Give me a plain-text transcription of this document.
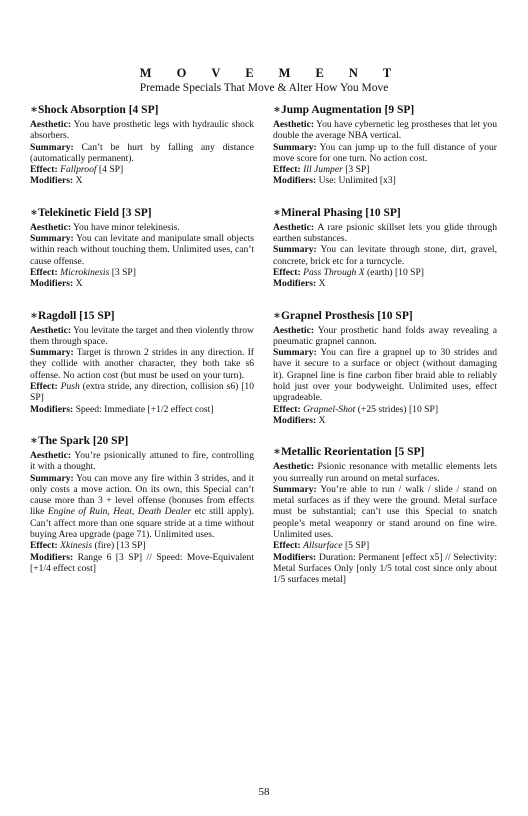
MOVEMENT
Premade Specials That Move & Alter How You Move
∗Shock Absorption [4 SP]

Aesthetic: You have prosthetic legs with hydraulic shock absorbers.

Summary: Can’t be hurt by falling any distance (automatically permanent).

Effect: Fallproof [4 SP]

Modifiers: X

∗Telekinetic Field [3 SP]

Aesthetic: You have minor telekinesis.

Summary: You can levitate and manipulate small objects within reach without touching them. Unlimited uses, can’t cause offense.

Effect: Microkinesis [3 SP]

Modifiers: X

∗Ragdoll [15 SP]

Aesthetic: You levitate the target and then violently throw them through space.

Summary: Target is thrown 2 strides in any direction. If they collide with another character, they both take s6 offense. No action cost (but must be used on your turn).

Effect: Push (extra stride, any direction, collision s6) [10 SP]

Modifiers: Speed: Immediate [+1/2 effect cost]

∗The Spark [20 SP]

Aesthetic: You’re psionically attuned to fire, controlling it with a thought.

Summary: You can move any fire within 3 strides, and it only costs a move action. On its own, this Special can’t cause more than 3 + level offense (bonuses from effects like Engine of Ruin, Heat, Death Dealer etc still apply). Can’t affect more than one square stride at a time without buying Area upgrade (page 71). Unlimited uses.

Effect: Xkinesis (fire) [13 SP]

Modifiers: Range 6 [3 SP] // Speed: Move-Equivalent [+1/4 effect cost]

∗Jump Augmentation [9 SP]

Aesthetic: You have cybernetic leg prostheses that let you double the average NBA vertical.

Summary: You can jump up to the full distance of your move score for one turn. No action cost.

Effect: Ill Jumper [3 SP]

Modifiers: Use: Unlimited [x3]

∗Mineral Phasing [10 SP]

Aesthetic: A rare psionic skillset lets you glide through earthen substances.

Summary: You can levitate through stone, dirt, gravel, concrete, brick etc for a turncycle.

Effect: Pass Through X (earth) [10 SP]

Modifiers: X

∗Grapnel Prosthesis [10 SP]

Aesthetic: Your prosthetic hand folds away revealing a pneumatic grapnel cannon.

Summary: You can fire a grapnel up to 30 strides and have it secure to a surface or object (without damaging it). Grapnel line is fine carbon fiber braid able to reliably hold just over your bodyweight. Unlimited uses, effect upgradeable.

Effect: Grapnel-Shot (+25 strides) [10 SP]

Modifiers: X

∗Metallic Reorientation [5 SP]

Aesthetic: Psionic resonance with metallic elements lets you surreally run around on metal surfaces.

Summary: You’re able to run / walk / slide / stand on metal surfaces as if they were the ground. Metal surface must be substantial; can’t use this Special to snatch people’s metal weaponry or stand around on fine wire. Unlimited uses.

Effect: Allsurface [5 SP]

Modifiers: Duration: Permanent [effect x5] // Selectivity: Metal Surfaces Only [only 1/5 total cost since only about 1/5 surfaces metal]

58
